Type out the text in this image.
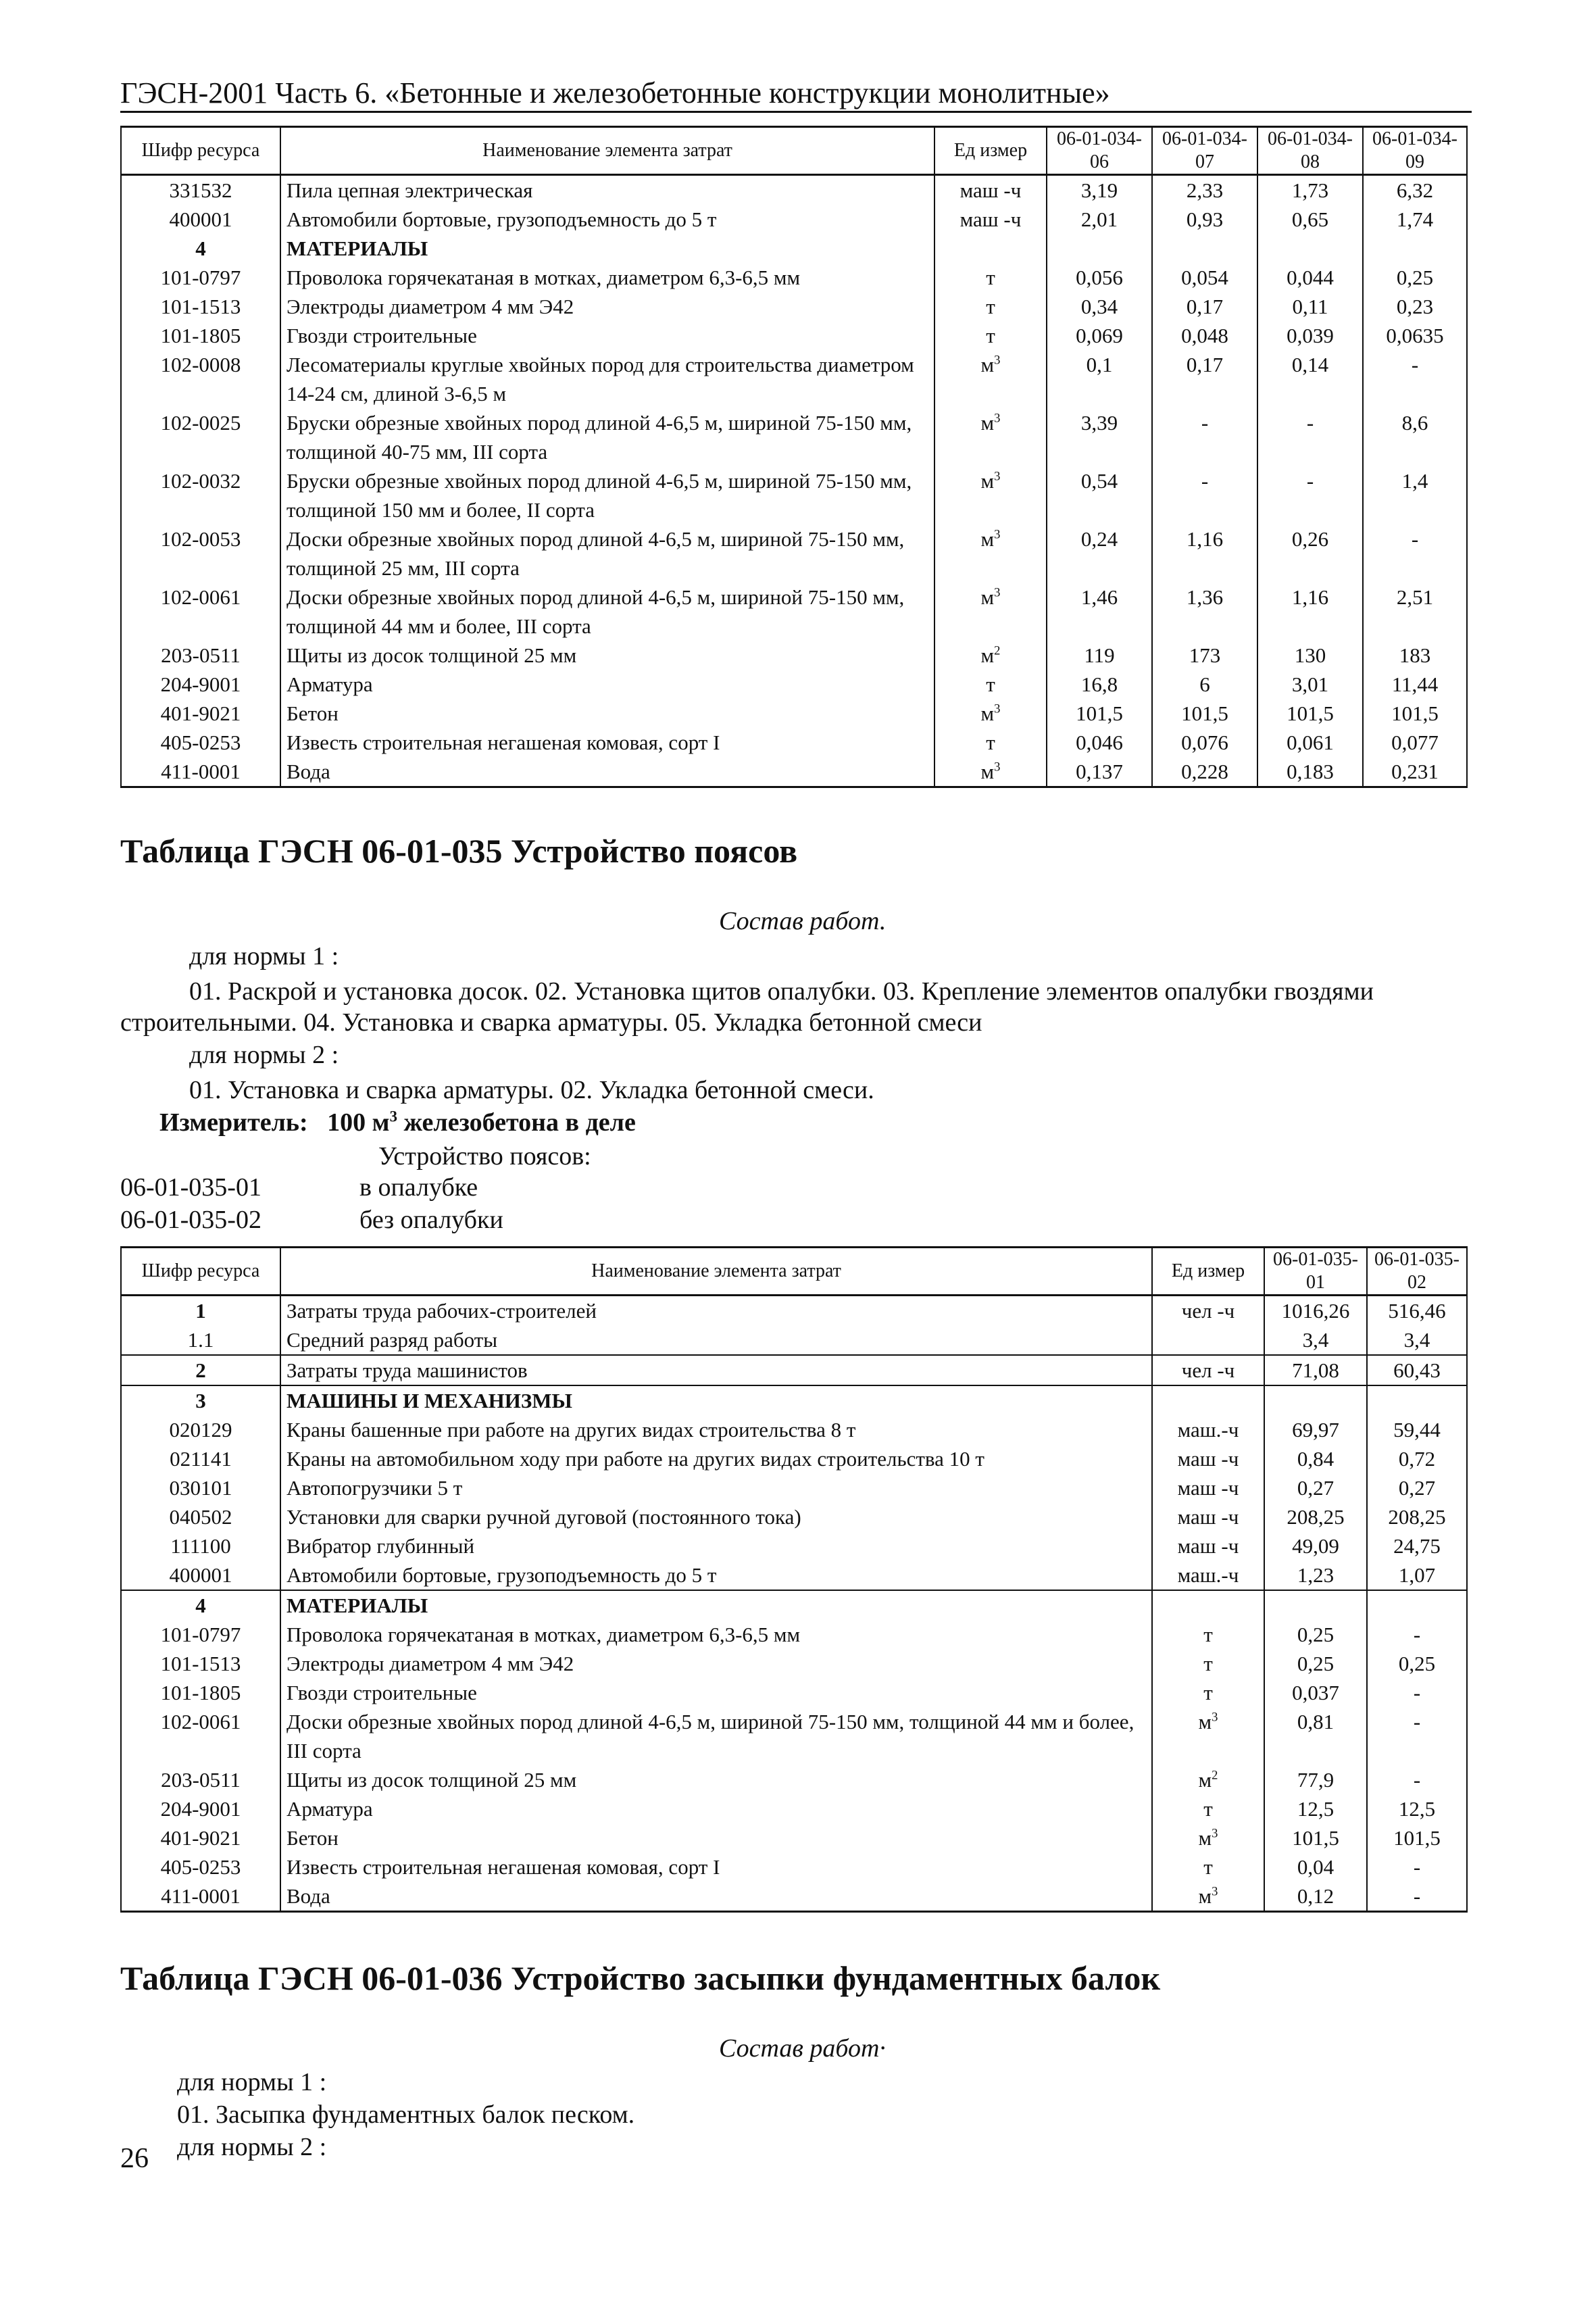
ГЭСН-2001 Часть 6. «Бетонные и железобетонные конструкции монолитные»
Шифр ресурса	Наименование элемента затрат	Ед измер	06-01-034-06	06-01-034-07	06-01-034-08	06-01-034-09
331532	Пила цепная электрическая	маш -ч	3,19	2,33	1,73	6,32
400001	Автомобили бортовые, грузоподъемность до 5 т	маш -ч	2,01	0,93	0,65	1,74
4	МАТЕРИАЛЫ					
101-0797	Проволока горячекатаная в мотках, диаметром 6,3-6,5 мм	т	0,056	0,054	0,044	0,25
101-1513	Электроды диаметром 4 мм Э42	т	0,34	0,17	0,11	0,23
101-1805	Гвозди строительные	т	0,069	0,048	0,039	0,0635
102-0008	Лесоматериалы круглые хвойных пород для строительства диаметром 14-24 см, длиной 3-6,5 м	$м^3$	0,1	0,17	0,14	-
102-0025	Бруски обрезные хвойных пород длиной 4-6,5 м, шириной 75-150 мм, толщиной 40-75 мм, III сорта	$м^3$	3,39	-	-	8,6
102-0032	Бруски обрезные хвойных пород длиной 4-6,5 м, шириной 75-150 мм, толщиной 150 мм и более, II сорта	$м^3$	0,54	-	-	1,4
102-0053	Доски обрезные хвойных пород длиной 4-6,5 м, шириной 75-150 мм, толщиной 25 мм, III сорта	$м^3$	0,24	1,16	0,26	-
102-0061	Доски обрезные хвойных пород длиной 4-6,5 м, шириной 75-150 мм, толщиной 44 мм и более, III сорта	$м^3$	1,46	1,36	1,16	2,51
203-0511	Щиты из досок толщиной 25 мм	$м^2$	119	173	130	183
204-9001	Арматура	т	16,8	6	3,01	11,44
401-9021	Бетон	$м^3$	101,5	101,5	101,5	101,5
405-0253	Известь строительная негашеная комовая, сорт I	т	0,046	0,076	0,061	0,077
411-0001	Вода	$м^3$	0,137	0,228	0,183	0,231
Таблица ГЭСН 06-01-035 Устройство поясов
Состав работ.
для нормы 1 :
01. Раскрой и установка досок. 02. Установка щитов опалубки. 03. Крепление элементов опалубки гвоздями
строительными. 04. Установка и сварка арматуры. 05. Укладка бетонной смеси
для нормы 2 :
01. Установка и сварка арматуры. 02. Укладка бетонной смеси.
Измеритель: 100 $м^3$ железобетона в деле
Устройство поясов:
06-01-035-01	в опалубке
06-01-035-02	без опалубки
Шифр ресурса	Наименование элемента затрат	Ед измер	06-01-035-01	06-01-035-02
1	Затраты труда рабочих-строителей	чел -ч	1016,26	516,46
1.1	Средний разряд работы		3,4	3,4
2	Затраты труда машинистов	чел -ч	71,08	60,43
3	МАШИНЫ И МЕХАНИЗМЫ			
020129	Краны башенные при работе на других видах строительства 8 т	маш.-ч	69,97	59,44
021141	Краны на автомобильном ходу при работе на других видах строительства 10 т	маш -ч	0,84	0,72
030101	Автопогрузчики 5 т	маш -ч	0,27	0,27
040502	Установки для сварки ручной дуговой (постоянного тока)	маш -ч	208,25	208,25
111100	Вибратор глубинный	маш -ч	49,09	24,75
400001	Автомобили бортовые, грузоподъемность до 5 т	маш.-ч	1,23	1,07
4	МАТЕРИАЛЫ			
101-0797	Проволока горячекатаная в мотках, диаметром 6,3-6,5 мм	т	0,25	-
101-1513	Электроды диаметром 4 мм Э42	т	0,25	0,25
101-1805	Гвозди строительные	т	0,037	-
102-0061	Доски обрезные хвойных пород длиной 4-6,5 м, шириной 75-150 мм, толщиной 44 мм и более, III сорта	$м^3$	0,81	-
203-0511	Щиты из досок толщиной 25 мм	$м^2$	77,9	-
204-9001	Арматура	т	12,5	12,5
401-9021	Бетон	$м^3$	101,5	101,5
405-0253	Известь строительная негашеная комовая, сорт I	т	0,04	-
411-0001	Вода	$м^3$	0,12	-
Таблица ГЭСН 06-01-036 Устройство засыпки фундаментных балок
Состав работ·
для нормы 1 :
01. Засыпка фундаментных балок песком.
для нормы 2 :
26
